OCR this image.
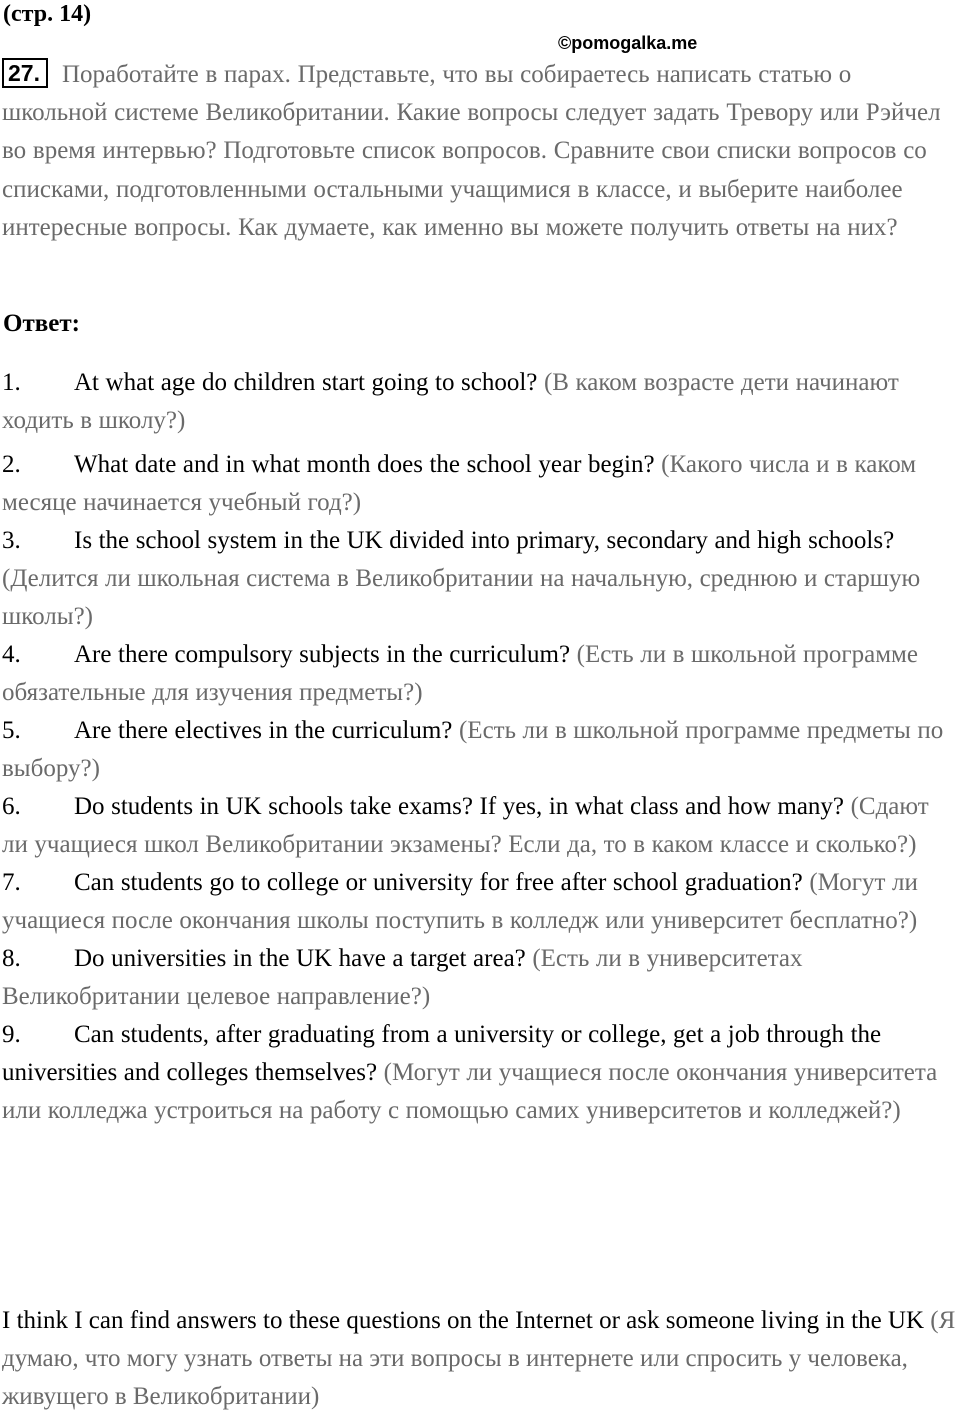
(стр. 14)
©pomogalka.me
27. Поработайте в парах. Представьте, что вы собираетесь написать статью о школьной системе Великобритании. Какие вопросы следует задать Тревору или Рэйчел во время интервью? Подготовьте список вопросов. Сравните свои списки вопросов со списками, подготовленными остальными учащимися в классе, и выберите наиболее интересные вопросы. Как думаете, как именно вы можете получить ответы на них?
Ответ:
1. At what age do children start going to school? (В каком возрасте дети начинают ходить в школу?)
2. What date and in what month does the school year begin? (Какого числа и в каком месяце начинается учебный год?)
3. Is the school system in the UK divided into primary, secondary and high schools? (Делится ли школьная система в Великобритании на начальную, среднюю и старшую школы?)
4. Are there compulsory subjects in the curriculum? (Есть ли в школьной программе обязательные для изучения предметы?)
5. Are there electives in the curriculum? (Есть ли в школьной программе предметы по выбору?)
6. Do students in UK schools take exams? If yes, in what class and how many? (Сдают ли учащиеся школ Великобритании экзамены? Если да, то в каком классе и сколько?)
7. Can students go to college or university for free after school graduation? (Могут ли учащиеся после окончания школы поступить в колледж или университет бесплатно?)
8. Do universities in the UK have a target area? (Есть ли в университетах Великобритании целевое направление?)
9. Can students, after graduating from a university or college, get a job through the universities and colleges themselves? (Могут ли учащиеся после окончания университета или колледжа устроиться на работу с помощью самих университетов и колледжей?)
I think I can find answers to these questions on the Internet or ask someone living in the UK (Я думаю, что могу узнать ответы на эти вопросы в интернете или спросить у человека, живущего в Великобритании)
